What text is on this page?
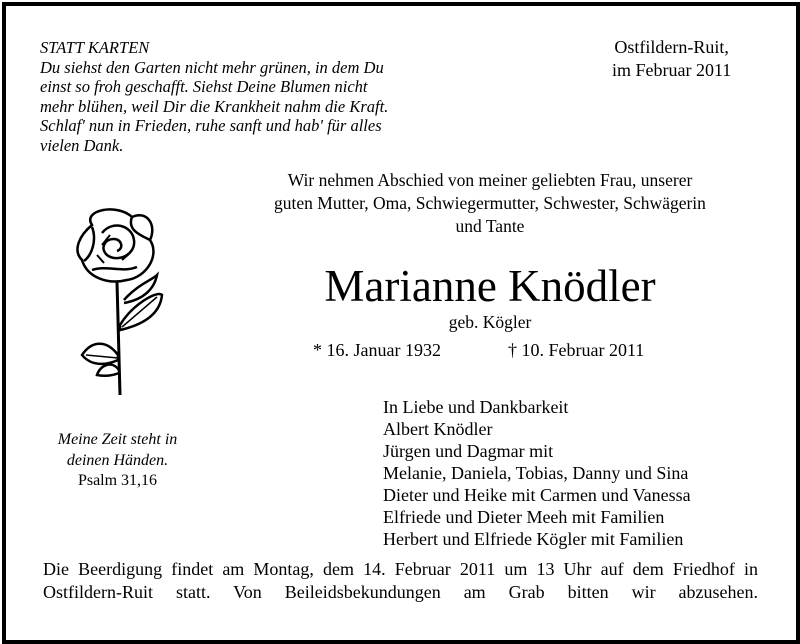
STATT KARTEN
Du siehst den Garten nicht mehr grünen, in dem Du
einst so froh geschafft. Siehst Deine Blumen nicht
mehr blühen, weil Dir die Krankheit nahm die Kraft.
Schlaf' nun in Frieden, ruhe sanft und hab' für alles
vielen Dank.
Ostfildern-Ruit,
im Februar 2011
Wir nehmen Abschied von meiner geliebten Frau, unserer
guten Mutter, Oma, Schwiegermutter, Schwester, Schwägerin
und Tante
Marianne Knödler
geb. Kögler
* 16. Januar 1932	† 10. Februar 2011
In Liebe und Dankbarkeit
Albert Knödler
Jürgen und Dagmar mit
Melanie, Daniela, Tobias, Danny und Sina
Dieter und Heike mit Carmen und Vanessa
Elfriede und Dieter Meeh mit Familien
Herbert und Elfriede Kögler mit Familien
Meine Zeit steht in
deinen Händen.
Psalm 31,16
Die Beerdigung findet am Montag, dem 14. Februar 2011 um 13 Uhr auf dem Friedhof in Ostfildern-Ruit statt. Von Beileidsbekundungen am Grab bitten wir abzusehen.
